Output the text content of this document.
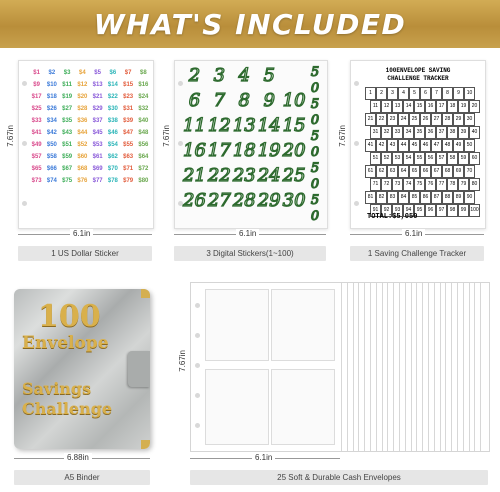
WHAT'S INCLUDED
$1	$2	$3	$4	$5	$6	$7	$8
$9	$10 $11 $12 $13 $14 $15 $16
$17 $18 $19 $20 $21 $22 $23 $24
$25 $26 $27 $28 $29 $30 $31 $32
$33 $34 $35 $36 $37 $38 $39 $40
$41 $42 $43 $44 $45 $46 $47 $48
$49 $50 $51 $52 $53 $54 $55 $56
$57 $58 $59 $60 $61 $62 $63 $64
$65 $66 $67 $68 $69 $70 $71 $72
$73 $74 $75 $76 $77 $78 $79 $80
7.67in
6.1in
1 US Dollar Sticker
2 3 4 5
6 7 8 9 10
11 12 13 14 15
16 17 18 19 20
21 22 23 24 25
26 27 28 29 30
5
0
5
0
5
0
5
0
5
0
7.67in
6.1in
3 Digital Stickers(1~100)
100ENVELOPE SAVING
CHALLENGE TRACKER
1	2	3	4	5	6	7	8	9	10
11	12	13	14	15	16	17	18	19	20
21	22	23	24	25	26	27	28	29	30
31	32	33	34	35	36	37	38	39	40
41	42	43	44	45	46	47	48	49	50
51	52	53	54	55	56	57	58	59	60
61	62	63	64	65	66	67	68	69	70
71	72	73	74	75	76	77	78	79	80
81	82	83	84	85	86	87	88	89	90
91	92	93	94	95	96	97	98	99 100
TOTAL:$5,050
7.67in
6.1in
1 Saving Challenge Tracker
100
Envelope
Savings
Challenge
6.88in
A5 Binder
7.67in
6.1in
25 Soft & Durable Cash Envelopes
